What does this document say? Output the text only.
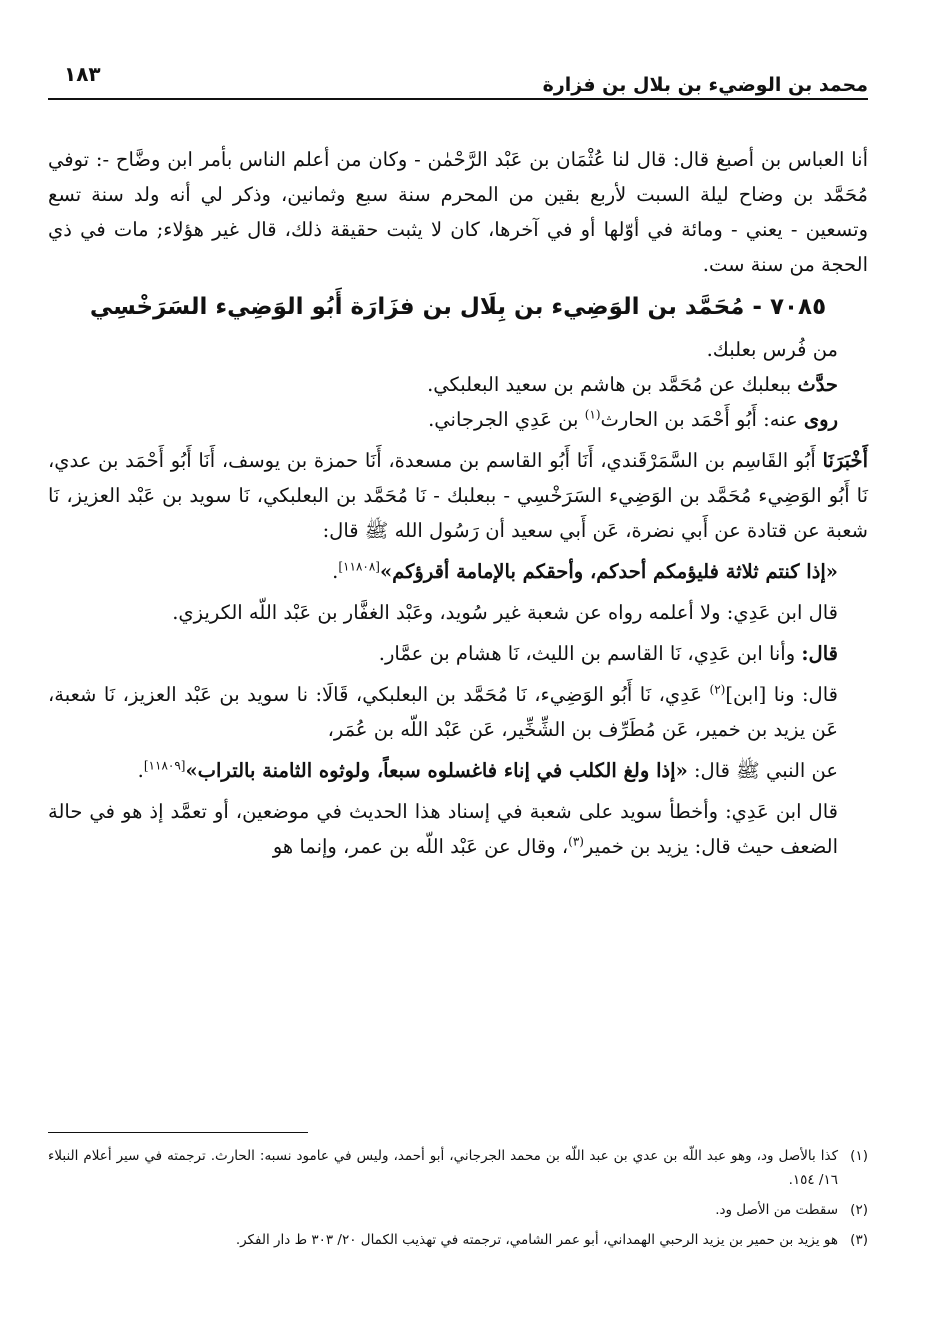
محمد بن الوضيء بن بلال بن فزارة
١٨٣

أنا العباس بن أصبغ قال: قال لنا عُثْمَان بن عَبْد الرَّحْمٰن - وكان من أعلم الناس بأمر ابن وضَّاح -: توفي مُحَمَّد بن وضاح ليلة السبت لأربع بقين من المحرم سنة سبع وثمانين، وذكر لي أنه ولد سنة تسع وتسعين - يعني - ومائة في أوّلها أو في آخرها، كان لا يثبت حقيقة ذلك، قال غير هؤلاء; مات في ذي الحجة من سنة ست.

٧٠٨٥ - مُحَمَّد بن الوَضِيء بن بِلَال بن فزَارَة أَبُو الوَضِيء السَرَخْسِي

من فُرس بعلبك.

حدَّث ببعلبك عن مُحَمَّد بن هاشم بن سعيد البعلبكي.

روى عنه: أَبُو أَحْمَد بن الحارث$^{(١)}$ بن عَدِي الجرجاني.

أَخْبَرَنَا أَبُو القَاسِم بن السَّمَرْقَندي، أَنَا أَبُو القاسم بن مسعدة، أَنَا حمزة بن يوسف، أَنَا أَبُو أَحْمَد بن عدي، نَا أَبُو الوَضِيء مُحَمَّد بن الوَضِيء السَرَخْسِي - ببعلبك - نَا مُحَمَّد بن البعلبكي، نَا سويد بن عَبْد العزيز، نَا شعبة عن قتادة عن أَبي نضرة، عَن أَبي سعيد أن رَسُول الله ﷺ قال:

«إذا كنتم ثلاثة فليؤمكم أحدكم، وأحقكم بالإمامة أقرؤكم»[١١٨٠٨].

قال ابن عَدِي: ولا أعلمه رواه عن شعبة غير سُويد، وعَبْد الغفَّار بن عَبْد اللّه الكريزي.

قال: وأنا ابن عَدِي، نَا القاسم بن الليث، نَا هشام بن عمَّار.

قال: ونا [ابن]$^{(٢)}$ عَدِي، نَا أَبُو الوَضِيء، نَا مُحَمَّد بن البعلبكي، قَالَا: نا سويد بن عَبْد العزيز، نَا شعبة، عَن يزيد بن خمير، عَن مُطَرِّف بن الشِّخِّير، عَن عَبْد اللّه بن عُمَر،

عن النبي ﷺ قال: «إذا ولغ الكلب في إناء فاغسلوه سبعاً، ولوثوه الثامنة بالتراب»[١١٨٠٩].

قال ابن عَدِي: وأخطأ سويد على شعبة في إسناد هذا الحديث في موضعين، أو تعمَّد إذ هو في حالة الضعف حيث قال: يزيد بن خمير$^{(٣)}$، وقال عن عَبْد اللّه بن عمر، وإنما هو

(١)
كذا بالأصل ود، وهو عبد اللّه بن عدي بن عبد اللّه بن محمد الجرجاني، أبو أحمد، وليس في عامود نسبه: الحارث. ترجمته في سير أعلام النبلاء ١٦/ ١٥٤.
(٢)
سقطت من الأصل ود.
(٣)
هو يزيد بن حمير بن يزيد الرحبي الهمداني، أبو عمر الشامي، ترجمته في تهذيب الكمال ٢٠/ ٣٠٣ ط دار الفكر.
